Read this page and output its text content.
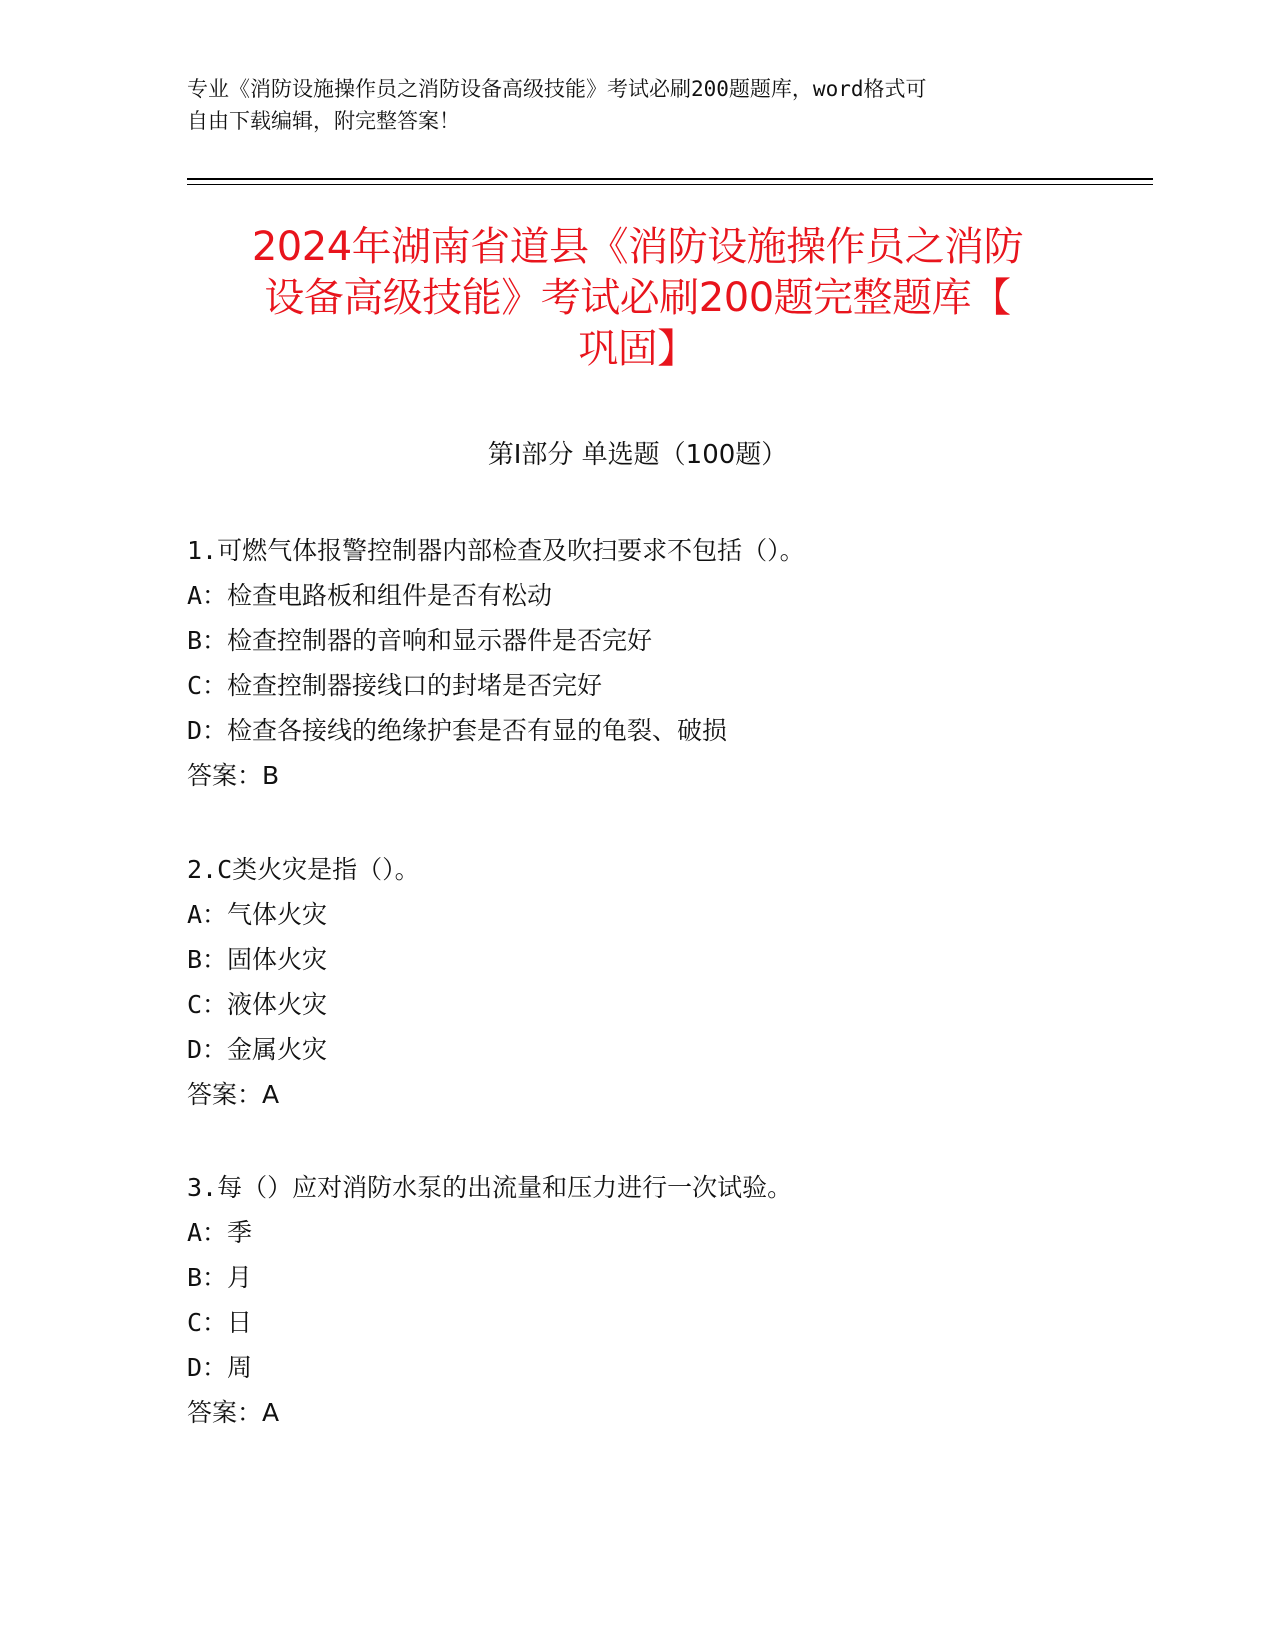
专业《消防设施操作员之消防设备高级技能》考试必刷200题题库，word格式可
自由下载编辑，附完整答案！
2024年湖南省道县《消防设施操作员之消防
设备高级技能》考试必刷200题完整题库【
巩固】
第Ⅰ部分 单选题（100题）
1.可燃气体报警控制器内部检查及吹扫要求不包括（）。
A：检查电路板和组件是否有松动
B：检查控制器的音响和显示器件是否完好
C：检查控制器接线口的封堵是否完好
D：检查各接线的绝缘护套是否有显的龟裂、破损
答案：B
2.C类火灾是指（）。
A：气体火灾
B：固体火灾
C：液体火灾
D：金属火灾
答案：A
3.每（）应对消防水泵的出流量和压力进行一次试验。
A：季
B：月
C：日
D：周
答案：A
